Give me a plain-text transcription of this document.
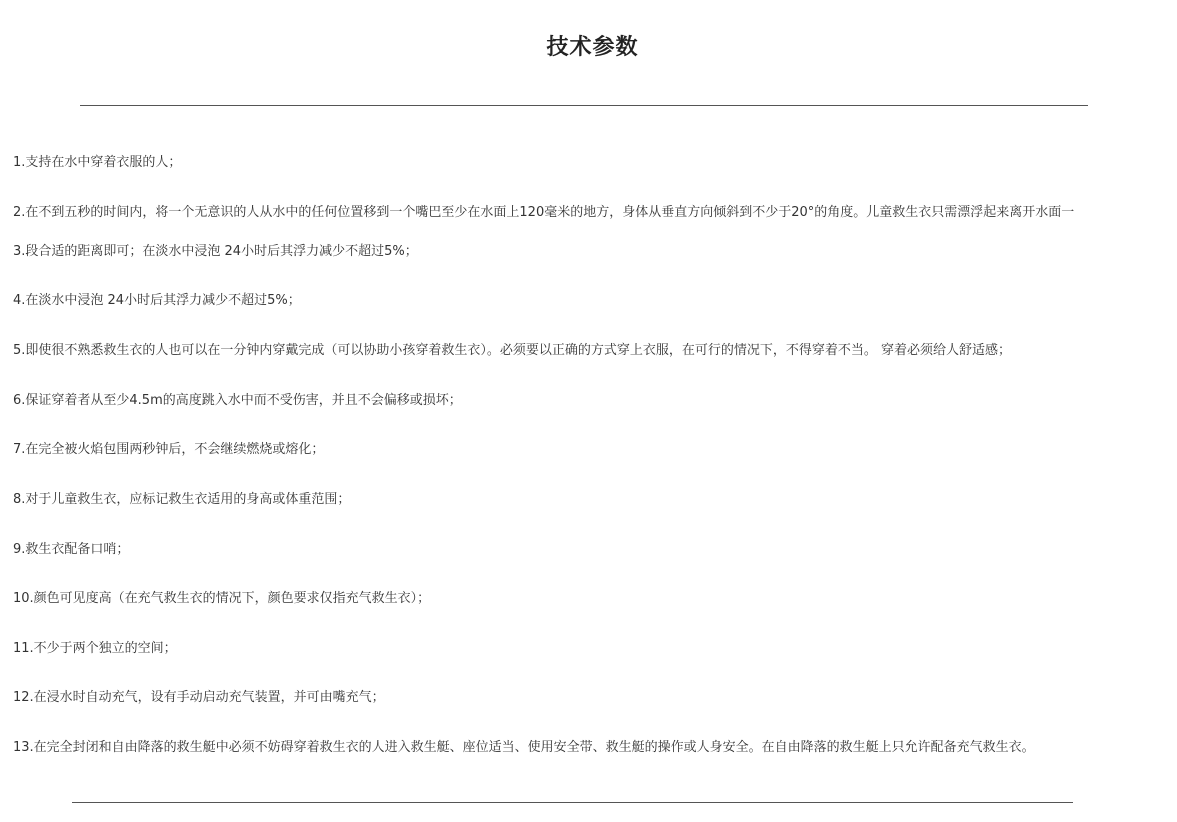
技术参数
1.支持在水中穿着衣服的人；
2.在不到五秒的时间内，将一个无意识的人从水中的任何位置移到一个嘴巴至少在水面上120毫米的地方，身体从垂直方向倾斜到不少于20°的角度。儿童救生衣只需漂浮起来离开水面一
3.段合适的距离即可；在淡水中浸泡 24小时后其浮力减少不超过5%；
4.在淡水中浸泡 24小时后其浮力减少不超过5%；
5.即使很不熟悉救生衣的人也可以在一分钟内穿戴完成（可以协助小孩穿着救生衣）。必须要以正确的方式穿上衣服，在可行的情况下，不得穿着不当。 穿着必须给人舒适感；
6.保证穿着者从至少4.5m的高度跳入水中而不受伤害，并且不会偏移或损坏；
7.在完全被火焰包围两秒钟后，不会继续燃烧或熔化；
8.对于儿童救生衣，应标记救生衣适用的身高或体重范围；
9.救生衣配备口哨；
10.颜色可见度高（在充气救生衣的情况下，颜色要求仅指充气救生衣）；
11.不少于两个独立的空间；
12.在浸水时自动充气，设有手动启动充气装置，并可由嘴充气；
13.在完全封闭和自由降落的救生艇中必须不妨碍穿着救生衣的人进入救生艇、座位适当、使用安全带、救生艇的操作或人身安全。在自由降落的救生艇上只允许配备充气救生衣。
